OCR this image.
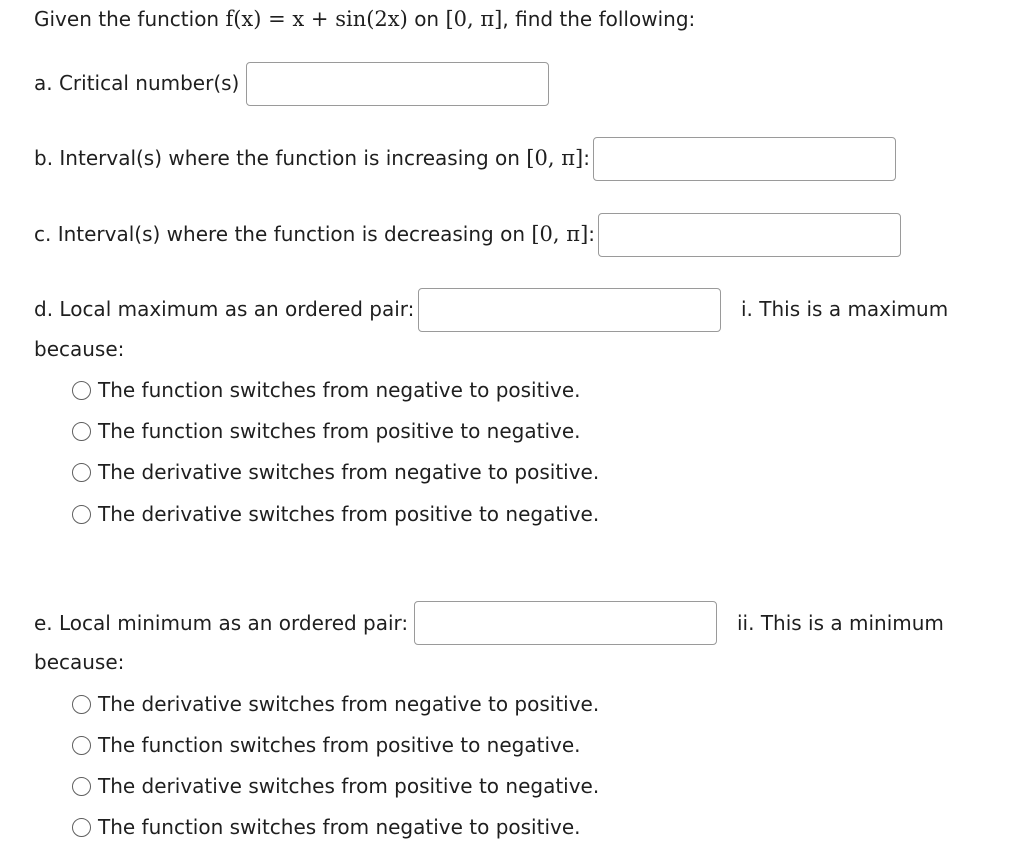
Given the function f(x) = x + sin(2x) on [0, π], find the following:
a. Critical number(s)
b. Interval(s) where the function is increasing on [0, π]:
c. Interval(s) where the function is decreasing on [0, π]:
d. Local maximum as an ordered pair:	i. This is a maximum
because:
The function switches from negative to positive.
The function switches from positive to negative.
The derivative switches from negative to positive.
The derivative switches from positive to negative.
e. Local minimum as an ordered pair:	ii. This is a minimum
because:
The derivative switches from negative to positive.
The function switches from positive to negative.
The derivative switches from positive to negative.
The function switches from negative to positive.
